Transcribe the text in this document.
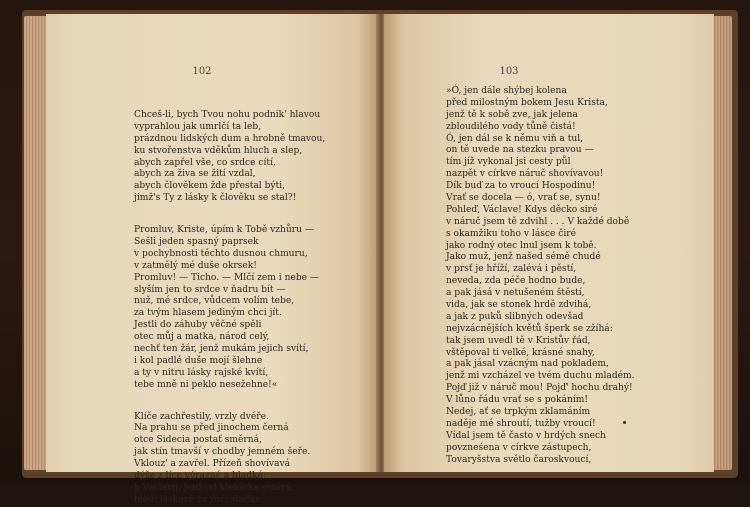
102
Chceš-li, bych Tvou nohu podnik' hlavou
vyprahlou jak umrlčí ta leb,
prázdnou lidských dum a hrobně tmavou,
ku stvořenstva vděkům hluch a slep,
abych zapřel vše, co srdce cítí,
abych za živa se žití vzdal,
abych člověkem žde přestal býti,
jimž's Ty z lásky k člověku se stal?!
Promluv, Kriste, úpím k Tobě vzhůru —
Sešli jeden spasný paprsek
v pochybnosti těchto dusnou chmuru,
v zatmělý mé duše okrsek!
Promluv! — Ticho. — Mlčí zem i nebe —
slyším jen to srdce v ňadru bít —
nuž, mé srdce, vůdcem volím tebe,
za tvým hlasem jediným chci jít.
Jestli do záhuby věčné spěli
otec můj a matka, národ celý,
nechť ten žár, jenž mukám jejich svítí,
i kol padlé duše mojí šlehne
a ty v nitru lásky rajské kvítí,
tebe mně ni peklo nesežehne!«
Klíče zachřestily, vrzly dvéře.
Na prahu se před jinochem černá
otce Sidecia postať směrná,
jak stín tmavší v chodby jemném šeře.
Vklouz' a zavřel. Přízeň shovívavá
dýše z líce výrazné a hladké;
k Václavu, jenž od klekátka vstává,
hledí laskavě za řeči sladké:
103
»Ó, jen dále shýbej kolena
před milostným bokem Jesu Krista,
jenž tě k sobě zve, jak jelena
zbloudilého vody tůně čistá!
Ó, jen dál se k němu viň a tul,
on tě uvede na stezku pravou —
tím jíž vykonal jsi cesty půl
nazpět v církve náruč shovívavou!
Dík buď za to vroucí Hospodinu!
Vrať se docela — ó, vrať se, synu!
Pohleď, Václave! Kdys děcko siré
v náruč jsem tě zdvihl . . . V každé době
s okamžiku toho v lásce čiré
jako rodný otec lnul jsem k tobě.
Jako muž, jenž našed sémě chudé
v prsť je hříží, zalévá i pěstí,
neveda, zda péče hodno bude,
a pak jásá v netušeném štěstí,
vida, jak se stonek hrdě zdvihá,
a jak z puků slibných odevšad
nejvzácnějších květů šperk se zžíhá:
tak jsem uvedl tě v Kristův řád,
vštěpoval ti velké, krásné snahy,
a pak jásal vzácným nad pokladem,
jenž mi vzcházel ve tvém duchu mladém.
Pojď již v náruč mou! Pojď' hochu drahý!
V lůno řádu vrať se s pokáním!
Nedej, ať se trpkým zklamáním
naděje mé shroutí, tužby vroucí!
Vídal jsem tě často v hrdých snech
povzneśena v církve zástupech,
Tovaryšstva světlo čaroskvoucí,
